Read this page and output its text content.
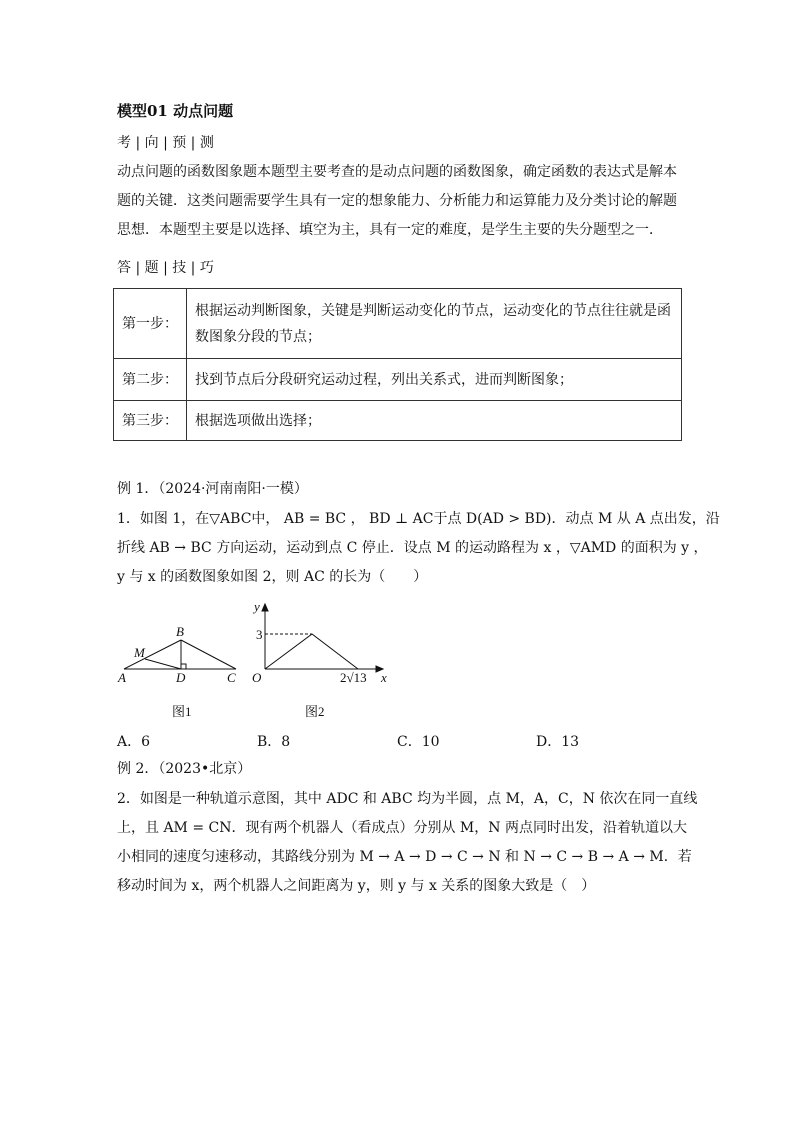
模型01 动点问题
考 | 向 | 预 | 测
动点问题的函数图象题本题型主要考查的是动点问题的函数图象，确定函数的表达式是解本
题的关键．这类问题需要学生具有一定的想象能力、分析能力和运算能力及分类讨论的解题
思想．本题型主要是以选择、填空为主，具有一定的难度，是学生主要的失分题型之一．
答 | 题 | 技 | 巧
第一步：	根据运动判断图象，关键是判断运动变化的节点，运动变化的节点往往就是函数图象分段的节点；
第二步：	找到节点后分段研究运动过程，列出关系式，进而判断图象；
第三步：	根据选项做出选择；
例 1．（2024·河南南阳·一模）
1．如图 1，在▽ABC中， AB = BC ， BD ⊥ AC于点 D(AD > BD)．动点 M 从 A 点出发，沿
折线 AB → BC 方向运动，运动到点 C 停止．设点 M 的运动路程为 x ，▽AMD 的面积为 y ，
y 与 x 的函数图象如图 2，则 AC 的长为（　　）
A
B
C
D
M
y
x
O
3
2√13
图1	图2
A．6	B．8	C．10	D．13
例 2．（2023•北京）
2．如图是一种轨道示意图，其中 ADC 和 ABC 均为半圆，点 M，A，C，N 依次在同一直线
上，且 AM = CN．现有两个机器人（看成点）分别从 M，N 两点同时出发，沿着轨道以大
小相同的速度匀速移动，其路线分别为 M → A → D → C → N 和 N → C → B → A → M．若
移动时间为 x，两个机器人之间距离为 y，则 y 与 x 关系的图象大致是（　）
